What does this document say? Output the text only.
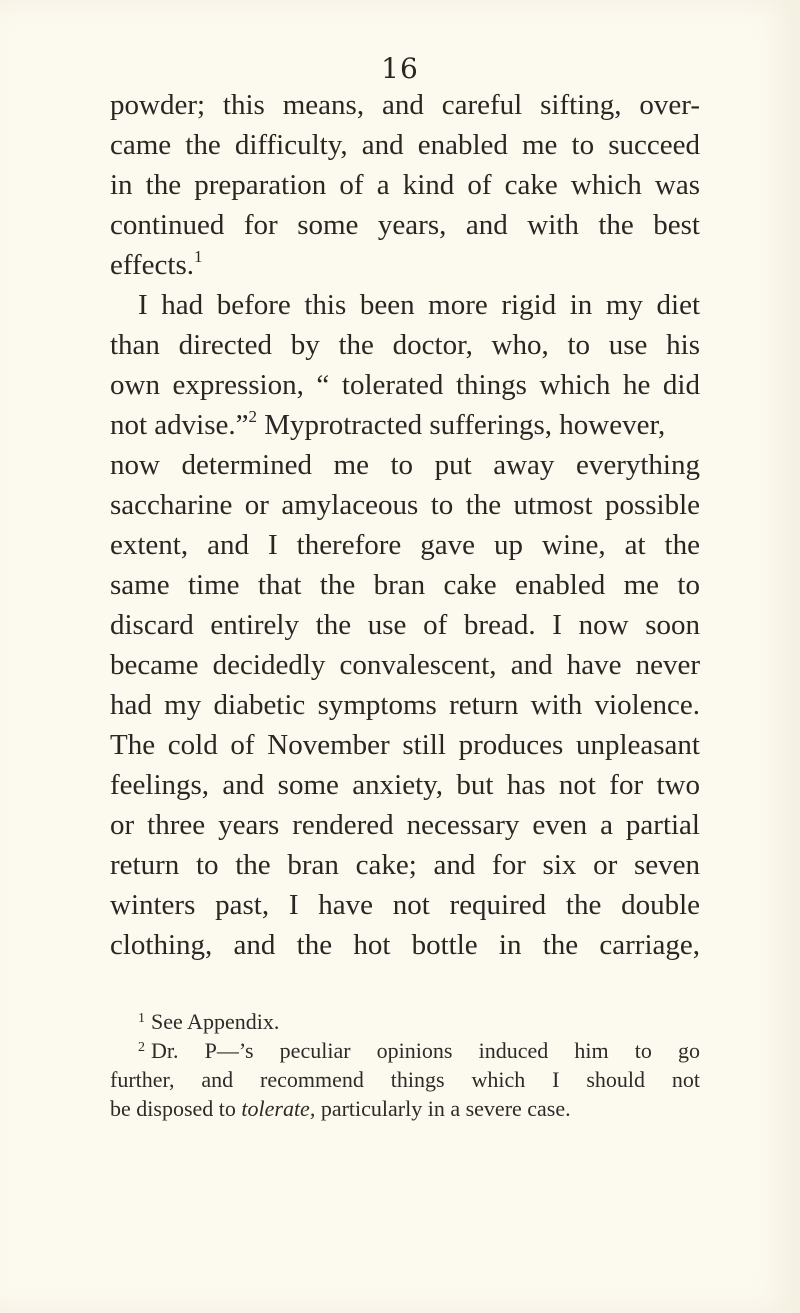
16
powder; this means, and careful sifting, over-
came the difficulty, and enabled me to succeed
in the preparation of a kind of cake which was
continued for some years, and with the best
effects.$^1$
I had before this been more rigid in my diet
than directed by the doctor, who, to use his
own expression, “ tolerated things which he did
not advise.”$^2$ Myprotracted sufferings, however,
now determined me to put away everything
saccharine or amylaceous to the utmost possible
extent, and I therefore gave up wine, at the
same time that the bran cake enabled me to
discard entirely the use of bread. I now soon
became decidedly convalescent, and have never
had my diabetic symptoms return with violence.
The cold of November still produces unpleasant
feelings, and some anxiety, but has not for two
or three years rendered necessary even a partial
return to the bran cake; and for six or seven
winters past, I have not required the double
clothing, and the hot bottle in the carriage,
$^1$ See Appendix.
$^2$ Dr. P—’s peculiar opinions induced him to go
further, and recommend things which I should not
be disposed to tolerate, particularly in a severe case.
